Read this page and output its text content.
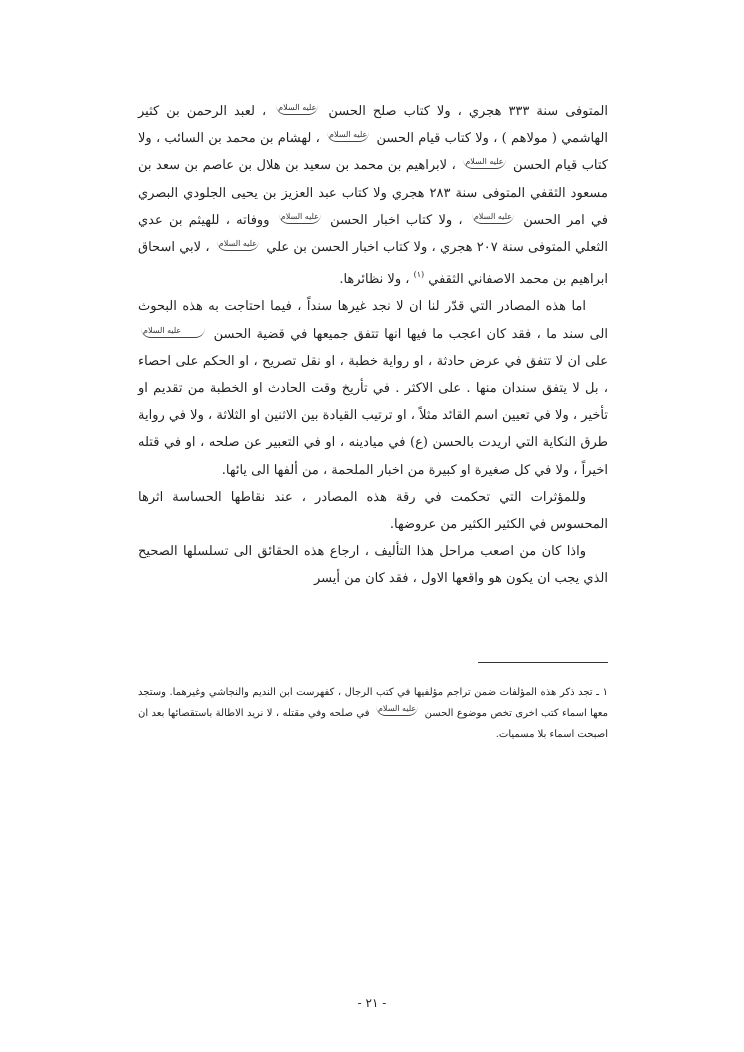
المتوفى سنة ٣٣٣ هجري ، ولا كتاب صلح الحسن عليه السلام ، لعبد الرحمن بن كثير الهاشمي ( مولاهم ) ، ولا كتاب قيام الحسن عليه السلام ، لهشام بن محمد بن السائب ، ولا كتاب قيام الحسن عليه السلام ، لابراهيم بن محمد بن سعيد بن هلال بن عاصم بن سعد بن مسعود الثقفي المتوفى سنة ٢٨٣ هجري ولا كتاب عبد العزيز بن يحيى الجلودي البصري في امر الحسن عليه السلام ، ولا كتاب اخبار الحسن عليه السلام ووفاته ، للهيثم بن عدي الثعلي المتوفى سنة ٢٠٧ هجري ، ولا كتاب اخبار الحسن بن علي عليه السلام ، لابي اسحاق ابراهيم بن محمد الاصفاني الثقفي $^{(١)}$ ، ولا نظائرها.

اما هذه المصادر التي قدّر لنا ان لا نجد غيرها سنداً ، فيما احتاجت به هذه البحوث الى سند ما ، فقد كان اعجب ما فيها انها تتفق جميعها في قضية الحسن عليه السلام على ان لا تتفق في عرض حادثة ، او رواية خطبة ، او نقل تصريح ، او الحكم على احصاء ، بل لا يتفق سندان منها . على الاكثر . في تأريخ وقت الحادث او الخطبة من تقديم او تأخير ، ولا في تعيين اسم القائد مثلاً ، او ترتيب القيادة بين الاثنين او الثلاثة ، ولا في رواية طرق النكاية التي اريدت بالحسن (ع) في ميادينه ، او في التعبير عن صلحه ، او في قتله اخيراً ، ولا في كل صغيرة او كبيرة من اخبار الملحمة ، من ألفها الى يائها.

وللمؤثرات التي تحكمت في رقة هذه المصادر ، عند نقاطها الحساسة اثرها المحسوس في الكثير الكثير من عروضها.

واذا كان من اصعب مراحل هذا التأليف ، ارجاع هذه الحقائق الى تسلسلها الصحيح الذي يجب ان يكون هو واقعها الاول ، فقد كان من أيسر

١ ـ تجد ذكر هذه المؤلفات ضمن تراجم مؤلفيها في كتب الرجال ، كفهرست ابن النديم والنجاشي وغيرهما. وستجد معها اسماء كتب اخرى تخص موضوع الحسن عليه السلام في صلحه وفي مقتله ، لا نريد الاطالة باستقصائها بعد ان اصبحت اسماء بلا مسميات.

- ٢١ -
